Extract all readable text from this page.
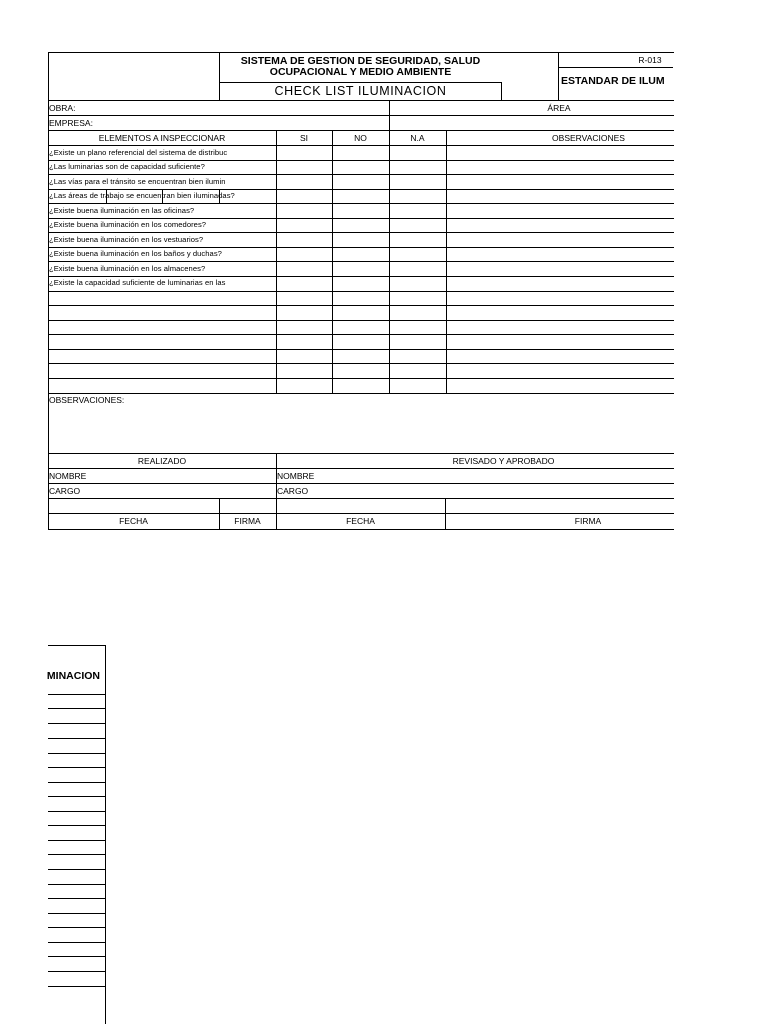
SISTEMA DE GESTION DE SEGURIDAD, SALUD
OCUPACIONAL Y MEDIO AMBIENTE
CHECK LIST ILUMINACION
R-013
ESTANDAR DE ILUM
OBRA:	ÁREA
EMPRESA:
ELEMENTOS A INSPECCIONAR	SI	NO	N.A	OBSERVACIONES
¿Existe un plano referencial del sistema de distribuc
¿Las luminarias son de capacidad suficiente?
¿Las vías para el tránsito se encuentran bien ilumin
¿Las áreas de trabajo se encuentran bien iluminadas?
¿Existe buena iluminación en las oficinas?
¿Existe buena iluminación en los comedores?
¿Existe buena iluminación en los vestuarios?
¿Existe buena iluminación en los baños y duchas?
¿Existe buena iluminación en los almacenes?
¿Existe la capacidad suficiente de luminarias en las
OBSERVACIONES:
REALIZADO	REVISADO Y APROBADO
NOMBRE	NOMBRE
CARGO	CARGO
FECHA	FIRMA	FECHA	FIRMA
MINACION
